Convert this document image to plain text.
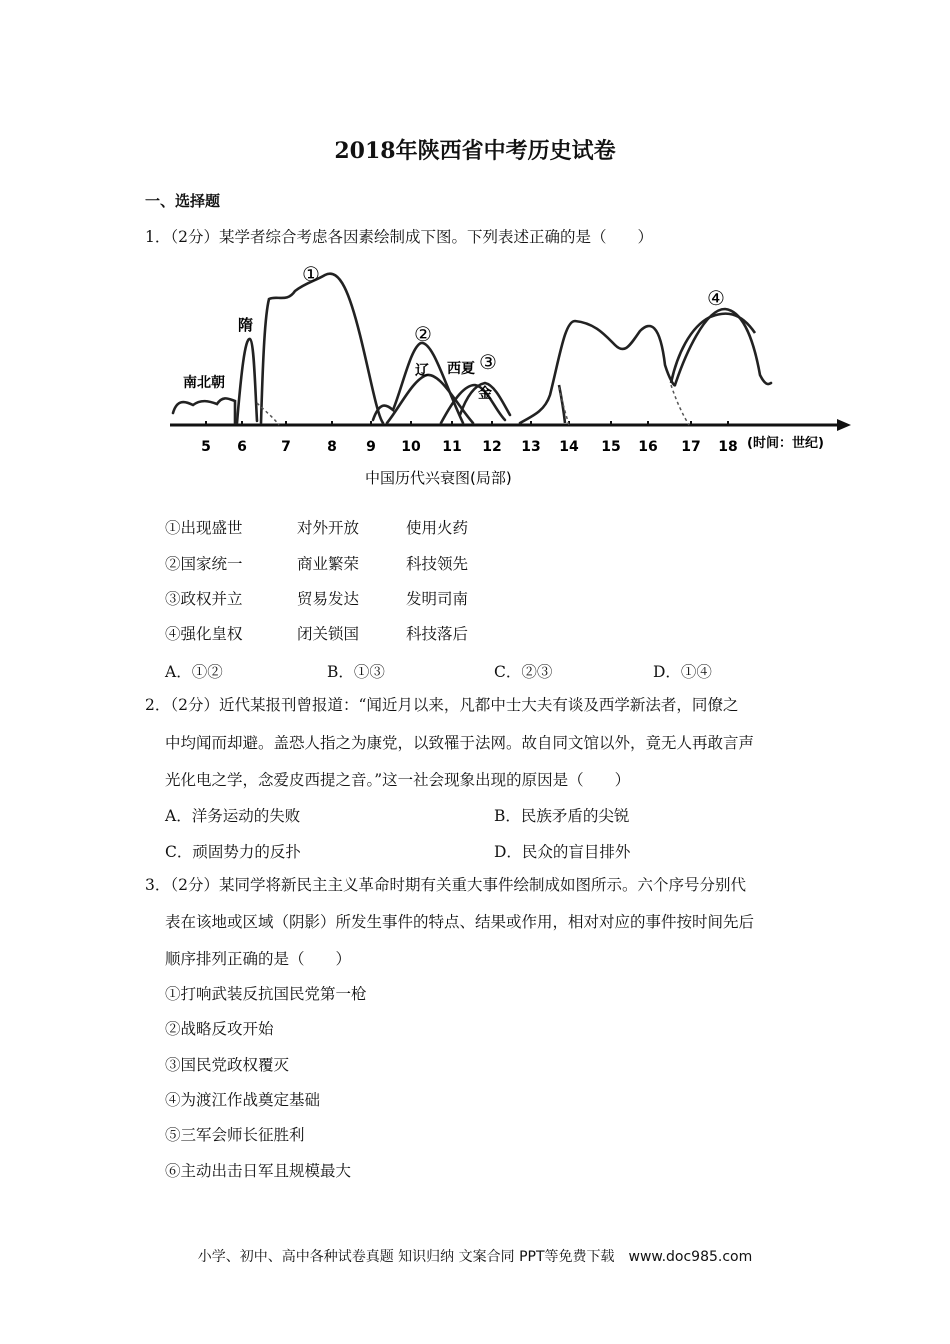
2018年陕西省中考历史试卷
一、选择题
1．（2分）某学者综合考虑各因素绘制成下图。下列表述正确的是（　　）
5 6 7	8 9 10 11 12 13 14 15 16 17 18 (时间：世纪)
南北朝
隋
辽 西夏
金
①
②
③
④
中国历代兴衰图(局部)
①出现盛世	对外开放	使用火药
②国家统一	商业繁荣	科技领先
③政权并立	贸易发达	发明司南
④强化皇权	闭关锁国	科技落后
A．①②	B．①③	C．②③	D．①④
2．（2分）近代某报刊曾报道：“闻近月以来，凡都中士大夫有谈及西学新法者，同僚之
中均闻而却避。盖恐人指之为康党，以致罹于法网。故自同文馆以外，竟无人再敢言声
光化电之学，念爱皮西提之音。”这一社会现象出现的原因是（　　）
A．洋务运动的失败	B．民族矛盾的尖锐
C．顽固势力的反扑	D．民众的盲目排外
3．（2分）某同学将新民主主义革命时期有关重大事件绘制成如图所示。六个序号分别代
表在该地或区域（阴影）所发生事件的特点、结果或作用，相对对应的事件按时间先后
顺序排列正确的是（　　）
①打响武装反抗国民党第一枪
②战略反攻开始
③国民党政权覆灭
④为渡江作战奠定基础
⑤三军会师长征胜利
⑥主动出击日军且规模最大
小学、初中、高中各种试卷真题 知识归纳 文案合同 PPT等免费下载　www.doc985.com
